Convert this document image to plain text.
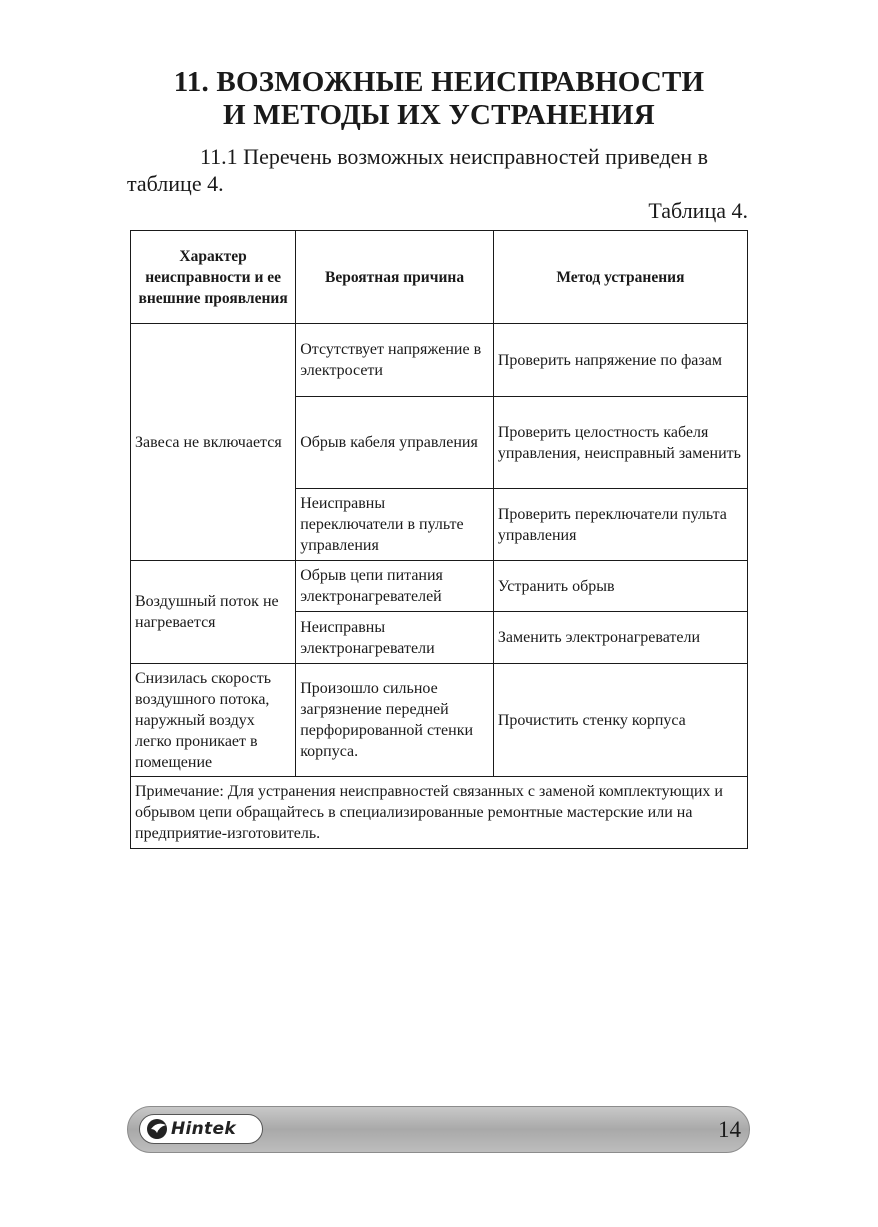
11. ВОЗМОЖНЫЕ НЕИСПРАВНОСТИ
И МЕТОДЫ ИХ УСТРАНЕНИЯ

11.1 Перечень возможных неисправностей приведен в таблице 4.

Таблица 4.

Характер неисправности и ее внешние проявления	Вероятная причина	Метод устранения
Завеса не включается	Отсутствует напряжение в электросети	Проверить напряжение по фазам
	Обрыв кабеля управления	Проверить целостность кабеля управления, неисправный заменить
	Неисправны переключатели в пульте управления	Проверить переключатели пульта управления
Воздушный поток не нагревается	Обрыв цепи питания электронагревателей	Устранить обрыв
	Неисправны электронагреватели	Заменить электронагреватели
Снизилась скорость воздушного потока, наружный воздух легко проникает в помещение	Произошло сильное загрязнение передней перфорированной стенки корпуса.	Прочистить стенку корпуса
Примечание: Для устранения неисправностей связанных с заменой комплектующих и обрывом цепи обращайтесь в специализированные ремонтные мастерские или на предприятие-изготовитель.		
Hintek	14
